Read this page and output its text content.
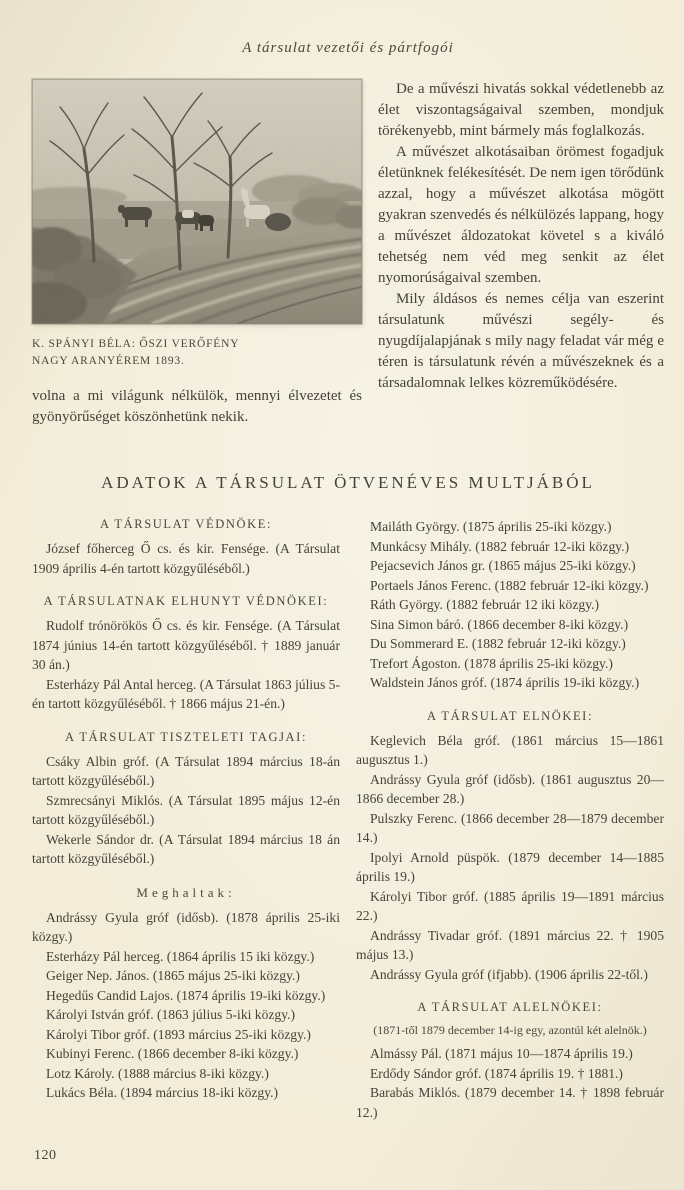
A társulat vezetői és pártfogói
K. SPÁNYI BÉLA: ŐSZI VERŐFÉNY
NAGY ARANYÉREM 1893.

volna a mi világunk nélkülök, mennyi élvezetet és gyönyörűséget köszönhetünk nekik.

De a művészi hivatás sokkal védetlenebb az élet viszontagságaival szemben, mondjuk törékenyebb, mint bármely más foglalkozás.

A művészet alkotásaiban örömest fogadjuk életünknek felékesítését. De nem igen törődünk azzal, hogy a művészet alkotása mögött gyakran szenvedés és nélkülözés lappang, hogy a művészet áldozatokat követel s a kiváló tehetség nem véd meg senkit az élet nyomorúságaival szemben.

Mily áldásos és nemes célja van eszerint társulatunk művészi segély- és nyugdíjalapjának s mily nagy feladat vár még e téren is társulatunk révén a művészeknek és a társadalomnak lelkes közreműködésére.

ADATOK A TÁRSULAT ÖTVENÉVES MULTJÁBÓL
A TÁRSULAT VÉDNÖKE:

József főherceg Ő cs. és kir. Fensége. (A Társulat 1909 április 4-én tartott közgyűléséből.)

A TÁRSULATNAK ELHUNYT VÉDNÖKEI:

Rudolf trónörökös Ő cs. és kir. Fensége. (A Társulat 1874 június 14-én tartott közgyűléséből. † 1889 január 30 án.)

Esterházy Pál Antal herceg. (A Társulat 1863 július 5-én tartott közgyűléséből. † 1866 május 21-én.)

A TÁRSULAT TISZTELETI TAGJAI:

Csáky Albin gróf. (A Társulat 1894 március 18-án tartott közgyűléséből.)

Szmrecsányi Miklós. (A Társulat 1895 május 12-én tartott közgyűléséből.)

Wekerle Sándor dr. (A Társulat 1894 március 18 án tartott közgyűléséből.)

Meghaltak:

Andrássy Gyula gróf (idősb). (1878 április 25-iki közgy.)

Esterházy Pál herceg. (1864 április 15 iki közgy.)

Geiger Nep. János. (1865 május 25-iki közgy.)

Hegedűs Candid Lajos. (1874 április 19-iki közgy.)

Károlyi István gróf. (1863 július 5-iki közgy.)

Károlyi Tibor gróf. (1893 március 25-iki közgy.)

Kubinyi Ferenc. (1866 december 8-iki közgy.)

Lotz Károly. (1888 március 8-iki közgy.)

Lukács Béla. (1894 március 18-iki közgy.)

Mailáth György. (1875 április 25-iki közgy.)

Munkácsy Mihály. (1882 február 12-iki közgy.)

Pejacsevich János gr. (1865 május 25-iki közgy.)

Portaels János Ferenc. (1882 február 12-iki közgy.)

Ráth György. (1882 február 12 iki közgy.)

Sina Simon báró. (1866 december 8-iki közgy.)

Du Sommerard E. (1882 február 12-iki közgy.)

Trefort Ágoston. (1878 április 25-iki közgy.)

Waldstein János gróf. (1874 április 19-iki közgy.)

A TÁRSULAT ELNÖKEI:

Keglevich Béla gróf. (1861 március 15—1861 augusztus 1.)

Andrássy Gyula gróf (idősb). (1861 augusztus 20—1866 december 28.)

Pulszky Ferenc. (1866 december 28—1879 december 14.)

Ipolyi Arnold püspök. (1879 december 14—1885 április 19.)

Károlyi Tibor gróf. (1885 április 19—1891 március 22.)

Andrássy Tivadar gróf. (1891 március 22. † 1905 május 13.)

Andrássy Gyula gróf (ifjabb). (1906 április 22-től.)

A TÁRSULAT ALELNÖKEI:

(1871-től 1879 december 14-ig egy, azontúl két alelnök.)

Almássy Pál. (1871 május 10—1874 április 19.)

Erdődy Sándor gróf. (1874 április 19. † 1881.)

Barabás Miklós. (1879 december 14. † 1898 február 12.)

120
